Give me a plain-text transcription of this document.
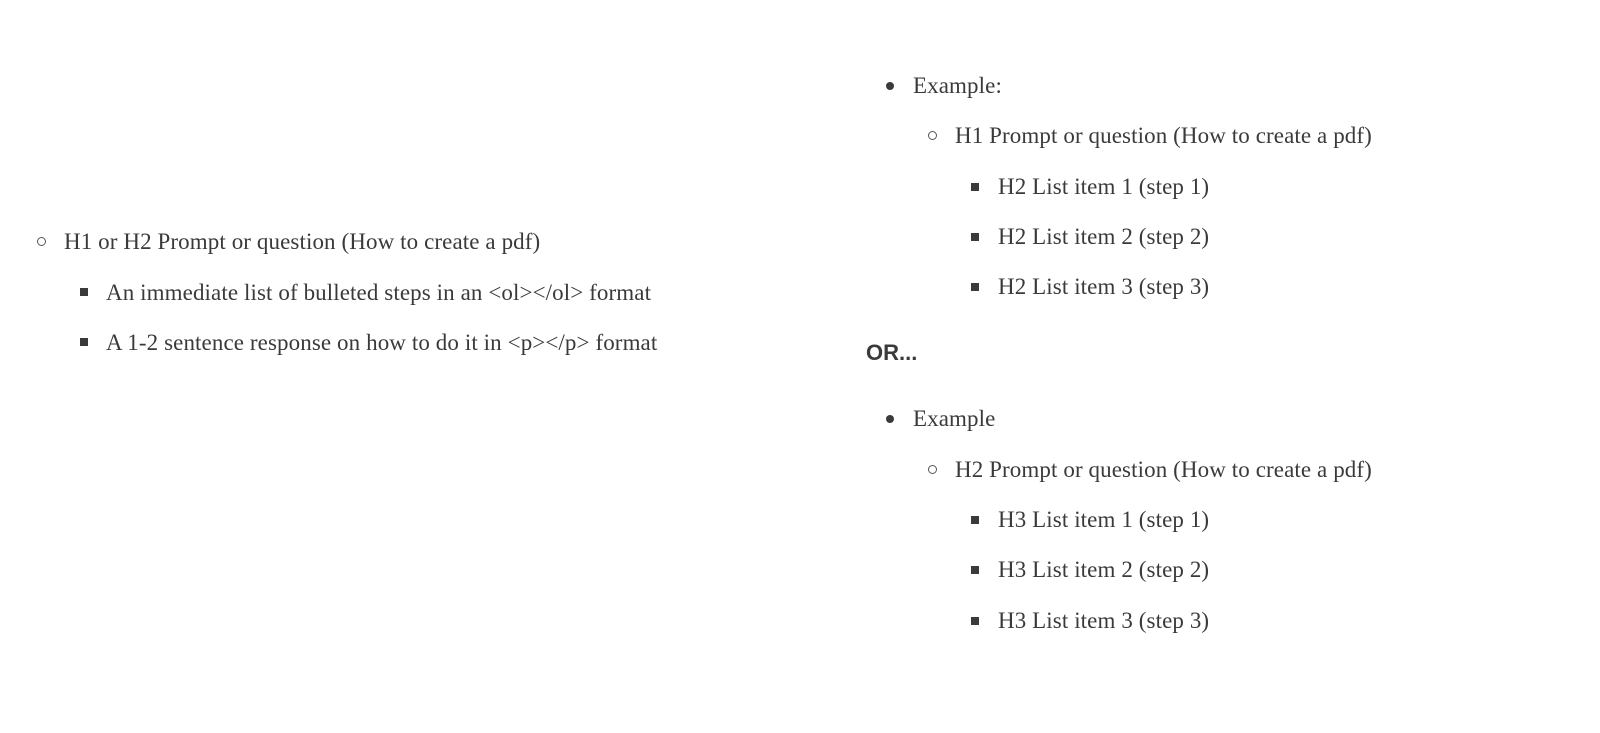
H1 or H2 Prompt or question (How to create a pdf)
An immediate list of bulleted steps in an <ol></ol> format
A 1-2 sentence response on how to do it in <p></p> format
Example:
H1 Prompt or question (How to create a pdf)
H2 List item 1 (step 1)
H2 List item 2 (step 2)
H2 List item 3 (step 3)
OR...
Example
H2 Prompt or question (How to create a pdf)
H3 List item 1 (step 1)
H3 List item 2 (step 2)
H3 List item 3 (step 3)
